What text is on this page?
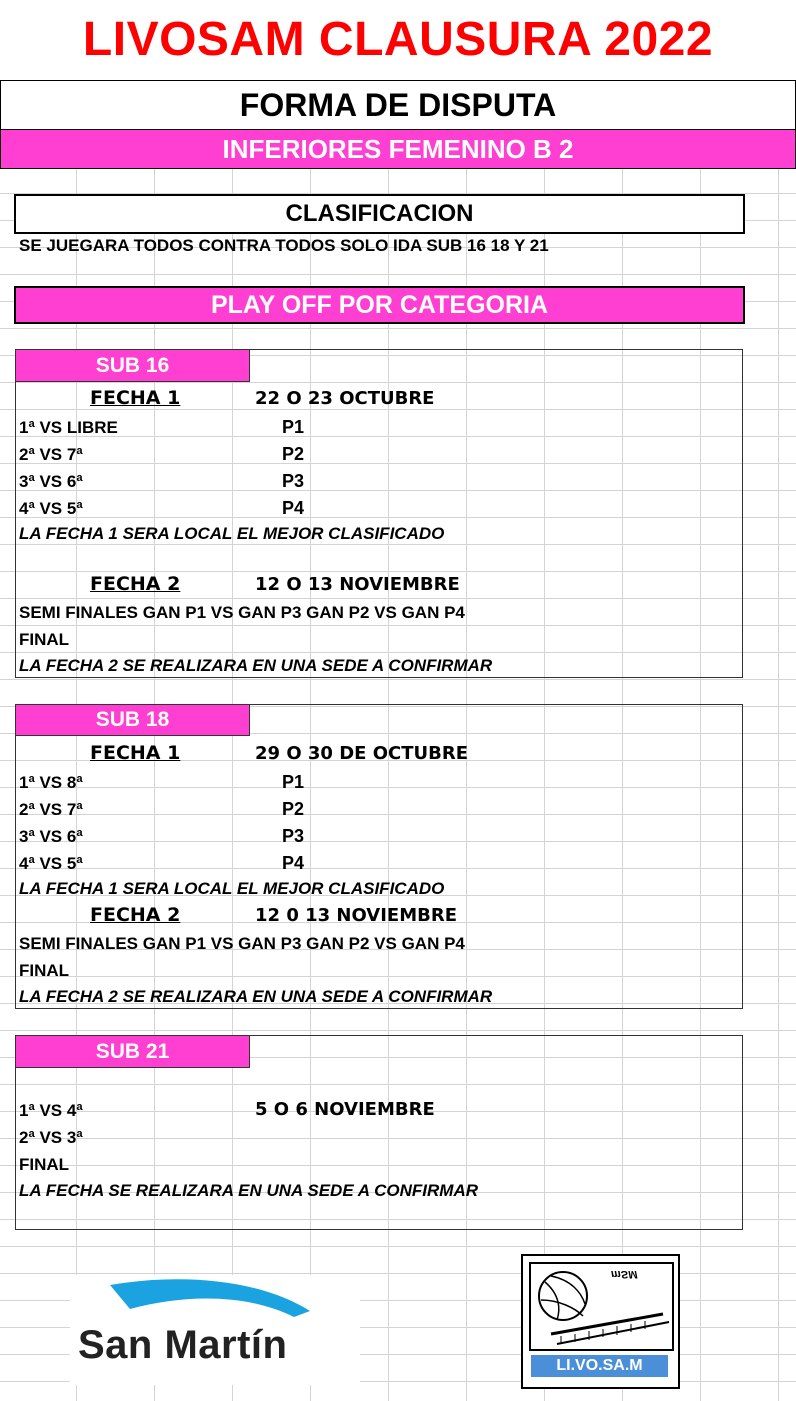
LIVOSAM CLAUSURA 2022
FORMA DE DISPUTA
INFERIORES FEMENINO B 2
CLASIFICACION
SE JUEGARA TODOS CONTRA TODOS SOLO IDA SUB 16 18 Y 21
PLAY OFF POR CATEGORIA
SUB 16
FECHA 1	22 O 23 OCTUBRE
1ª VS LIBRE	P1
2ª VS 7ª	P2
3ª VS 6ª	P3
4ª VS 5ª	P4
LA FECHA 1 SERA LOCAL EL MEJOR CLASIFICADO
FECHA 2	12 O 13 NOVIEMBRE
SEMI FINALES GAN P1 VS GAN P3 GAN P2 VS GAN P4
FINAL
LA FECHA 2 SE REALIZARA EN UNA SEDE A CONFIRMAR
SUB 18
FECHA 1	29 O 30 DE OCTUBRE
1ª VS 8ª	P1
2ª VS 7ª	P2
3ª VS 6ª	P3
4ª VS 5ª	P4
LA FECHA 1 SERA LOCAL EL MEJOR CLASIFICADO
FECHA 2	12 0 13 NOVIEMBRE
SEMI FINALES GAN P1 VS GAN P3 GAN P2 VS GAN P4
FINAL
LA FECHA 2 SE REALIZARA EN UNA SEDE A CONFIRMAR
SUB 21
1ª VS 4ª	5 O 6 NOVIEMBRE
2ª VS 3ª
FINAL
LA FECHA SE REALIZARA EN UNA SEDE A CONFIRMAR
San Martín
mSM
LI.VO.SA.M
